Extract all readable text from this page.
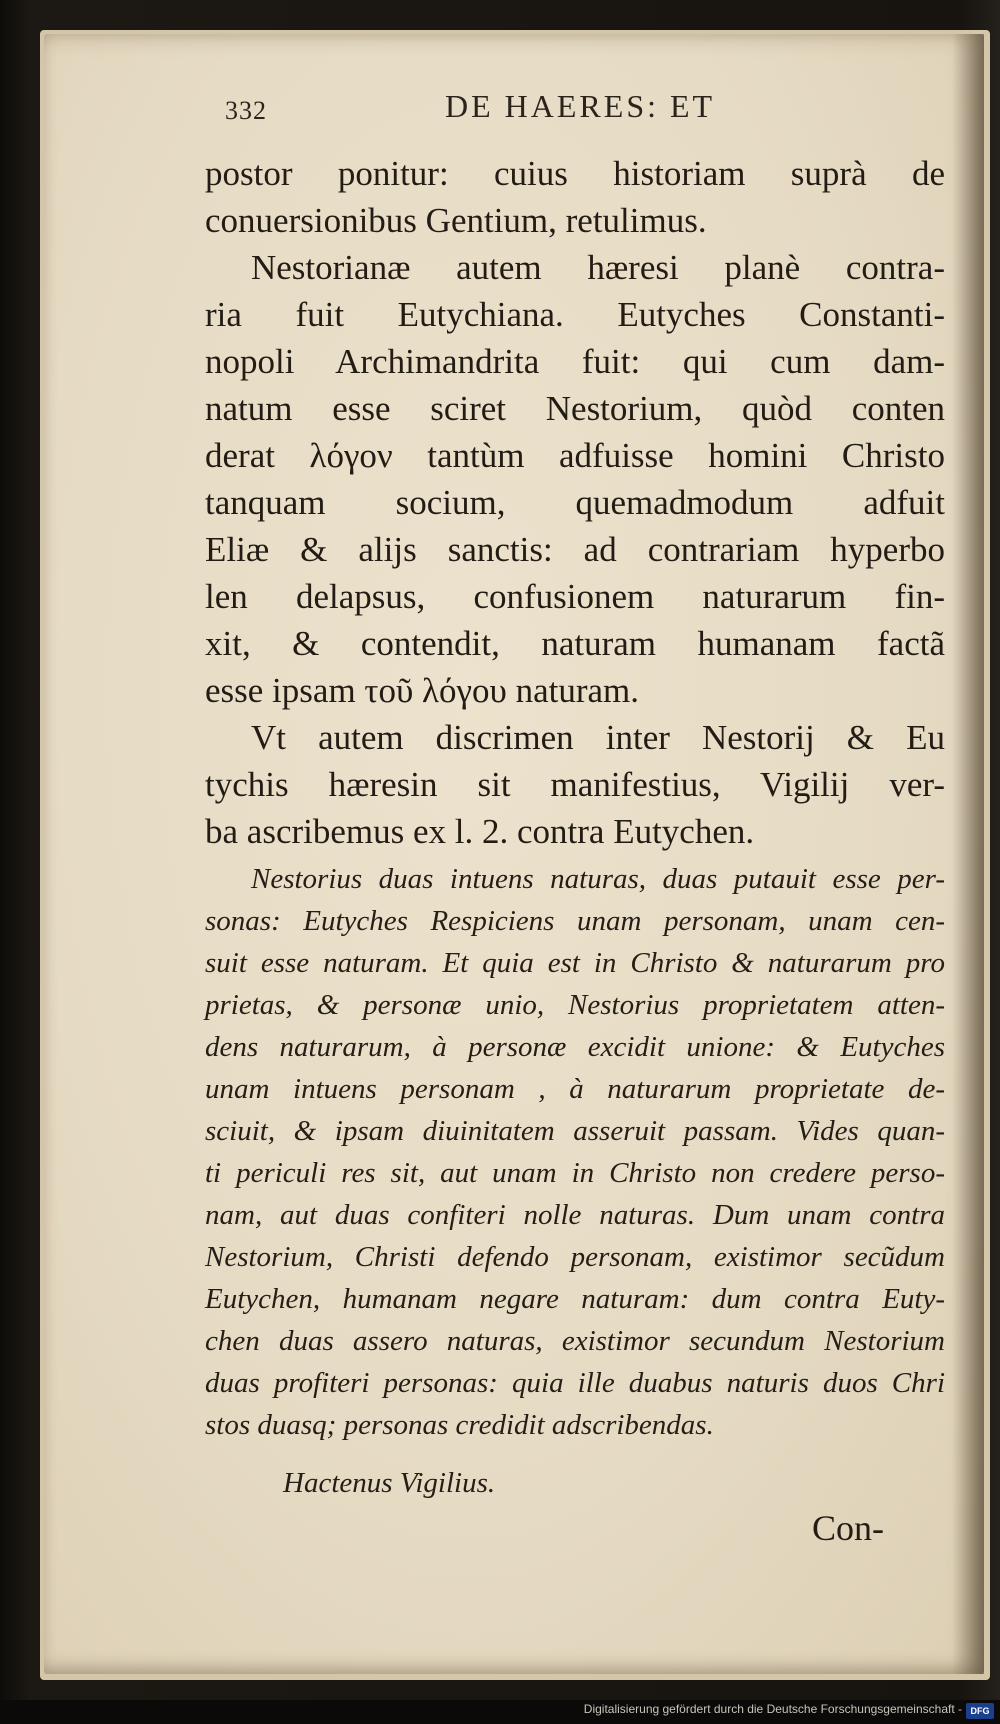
332	DE HAERES: ET
postor ponitur: cuius historiam suprà de
conuersionibus Gentium, retulimus.
Nestorianæ autem hæresi planè contra-
ria fuit Eutychiana. Eutyches Constanti-
nopoli Archimandrita fuit: qui cum dam-
natum esse sciret Nestorium, quòd conten
derat λόγον tantùm adfuisse homini Christo
tanquam socium, quemadmodum adfuit
Eliæ & alijs sanctis: ad contrariam hyperbo
len delapsus, confusionem naturarum fin-
xit, & contendit, naturam humanam factã
esse ipsam τοῦ λόγου naturam.
Vt autem discrimen inter Nestorij & Eu
tychis hæresin sit manifestius, Vigilij ver-
ba ascribemus ex l. 2. contra Eutychen.
Nestorius duas intuens naturas, duas putauit esse per-
sonas: Eutyches Respiciens unam personam, unam cen-
suit esse naturam. Et quia est in Christo & naturarum pro
prietas, & personæ unio, Nestorius proprietatem atten-
dens naturarum, à personæ excidit unione: & Eutyches
unam intuens personam , à naturarum proprietate de-
sciuit, & ipsam diuinitatem asseruit passam. Vides quan-
ti periculi res sit, aut unam in Christo non credere perso-
nam, aut duas confiteri nolle naturas. Dum unam contra
Nestorium, Christi defendo personam, existimor secũdum
Eutychen, humanam negare naturam: dum contra Euty-
chen duas assero naturas, existimor secundum Nestorium
duas profiteri personas: quia ille duabus naturis duos Chri
stos duasq; personas credidit adscribendas.
Hactenus Vigilius.
Con-
Digitalisierung gefördert durch die Deutsche Forschungsgemeinschaft - DFG
